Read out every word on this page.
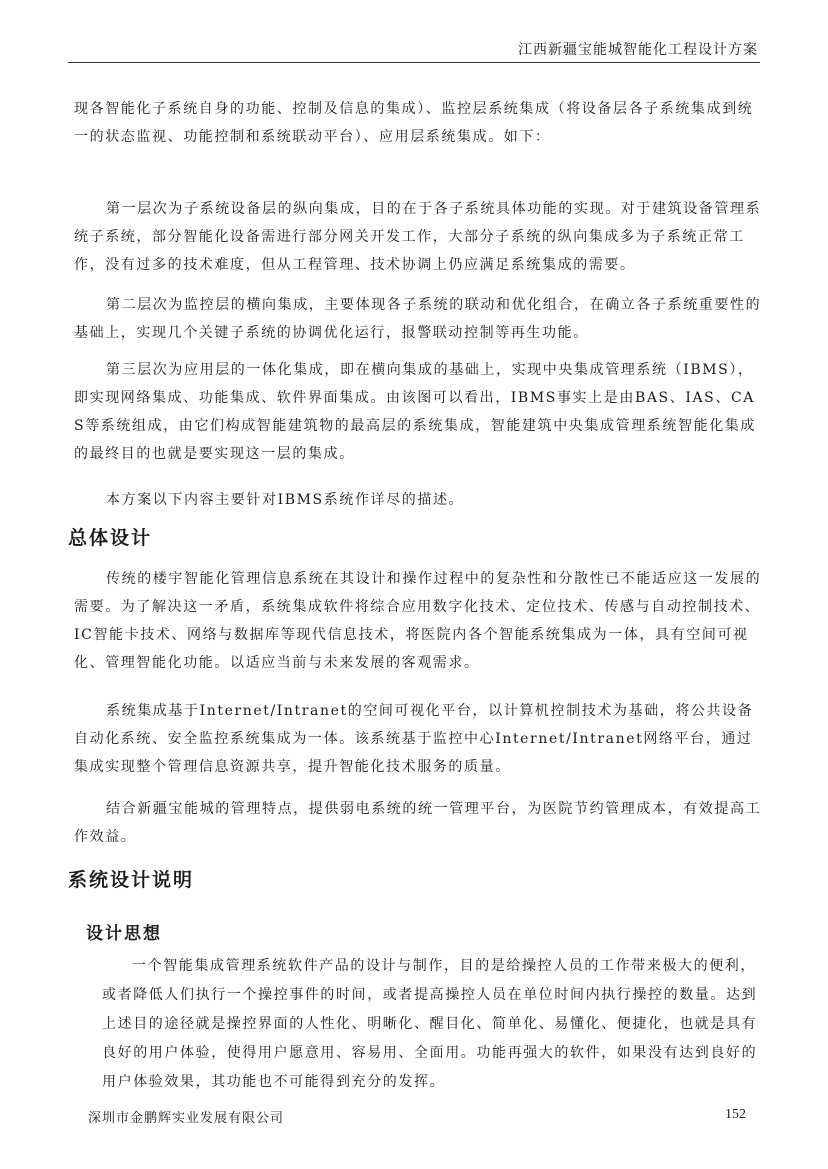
江西新疆宝能城智能化工程设计方案

现各智能化子系统自身的功能、控制及信息的集成）、监控层系统集成（将设备层各子系统集成到统一的状态监视、功能控制和系统联动平台）、应用层系统集成。如下：

第一层次为子系统设备层的纵向集成，目的在于各子系统具体功能的实现。对于建筑设备管理系统子系统，部分智能化设备需进行部分网关开发工作，大部分子系统的纵向集成多为子系统正常工作，没有过多的技术难度，但从工程管理、技术协调上仍应满足系统集成的需要。

第二层次为监控层的横向集成，主要体现各子系统的联动和优化组合，在确立各子系统重要性的基础上，实现几个关键子系统的协调优化运行，报警联动控制等再生功能。

第三层次为应用层的一体化集成，即在横向集成的基础上，实现中央集成管理系统（IBMS），即实现网络集成、功能集成、软件界面集成。由该图可以看出，IBMS事实上是由BAS、IAS、CAS等系统组成，由它们构成智能建筑物的最高层的系统集成，智能建筑中央集成管理系统智能化集成的最终目的也就是要实现这一层的集成。

本方案以下内容主要针对IBMS系统作详尽的描述。

总体设计

传统的楼宇智能化管理信息系统在其设计和操作过程中的复杂性和分散性已不能适应这一发展的需要。为了解决这一矛盾，系统集成软件将综合应用数字化技术、定位技术、传感与自动控制技术、IC智能卡技术、网络与数据库等现代信息技术，将医院内各个智能系统集成为一体，具有空间可视化、管理智能化功能。以适应当前与未来发展的客观需求。

系统集成基于Internet/Intranet的空间可视化平台，以计算机控制技术为基础，将公共设备自动化系统、安全监控系统集成为一体。该系统基于监控中心Internet/Intranet网络平台，通过集成实现整个管理信息资源共享，提升智能化技术服务的质量。

结合新疆宝能城的管理特点，提供弱电系统的统一管理平台，为医院节约管理成本，有效提高工作效益。

系统设计说明
设计思想

一个智能集成管理系统软件产品的设计与制作，目的是给操控人员的工作带来极大的便利，或者降低人们执行一个操控事件的时间，或者提高操控人员在单位时间内执行操控的数量。达到上述目的途径就是操控界面的人性化、明晰化、醒目化、简单化、易懂化、便捷化，也就是具有良好的用户体验，使得用户愿意用、容易用、全面用。功能再强大的软件，如果没有达到良好的用户体验效果，其功能也不可能得到充分的发挥。

深圳市金鹏辉实业发展有限公司	152
